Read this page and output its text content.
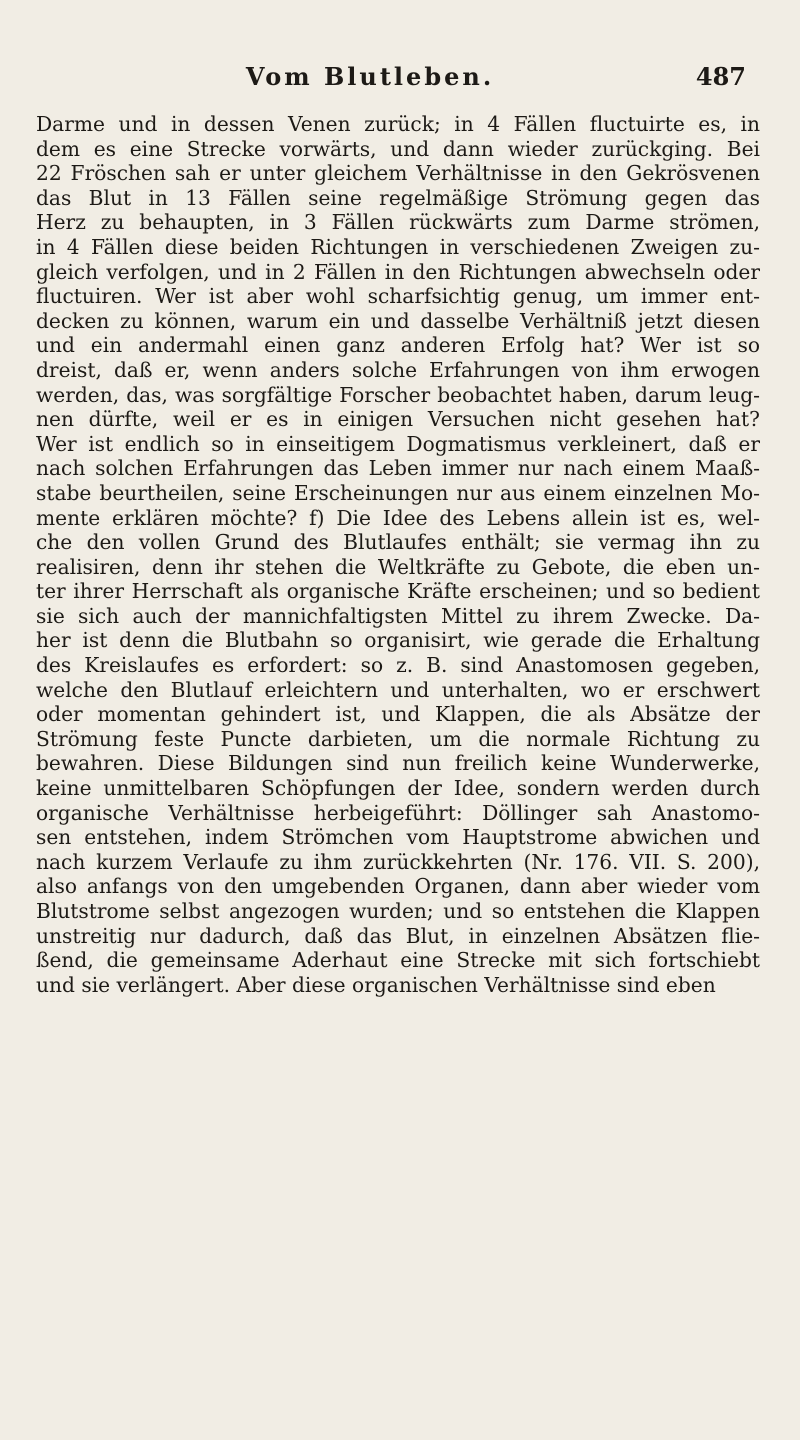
Vom Blutleben.	487
Darme und in dessen Venen zurück; in 4 Fällen fluctuirte es, in
dem es eine Strecke vorwärts, und dann wieder zurückging. Bei
22 Fröschen sah er unter gleichem Verhältnisse in den Gekrösvenen
das Blut in 13 Fällen seine regelmäßige Strömung gegen das
Herz zu behaupten, in 3 Fällen rückwärts zum Darme strömen,
in 4 Fällen diese beiden Richtungen in verschiedenen Zweigen zu-
gleich verfolgen, und in 2 Fällen in den Richtungen abwechseln oder
fluctuiren. Wer ist aber wohl scharfsichtig genug, um immer ent-
decken zu können, warum ein und dasselbe Verhältniß jetzt diesen
und ein andermahl einen ganz anderen Erfolg hat? Wer ist so
dreist, daß er, wenn anders solche Erfahrungen von ihm erwogen
werden, das, was sorgfältige Forscher beobachtet haben, darum leug-
nen dürfte, weil er es in einigen Versuchen nicht gesehen hat?
Wer ist endlich so in einseitigem Dogmatismus verkleinert, daß er
nach solchen Erfahrungen das Leben immer nur nach einem Maaß-
stabe beurtheilen, seine Erscheinungen nur aus einem einzelnen Mo-
mente erklären möchte? f) Die Idee des Lebens allein ist es, wel-
che den vollen Grund des Blutlaufes enthält; sie vermag ihn zu
realisiren, denn ihr stehen die Weltkräfte zu Gebote, die eben un-
ter ihrer Herrschaft als organische Kräfte erscheinen; und so bedient
sie sich auch der mannichfaltigsten Mittel zu ihrem Zwecke. Da-
her ist denn die Blutbahn so organisirt, wie gerade die Erhaltung
des Kreislaufes es erfordert: so z. B. sind Anastomosen gegeben,
welche den Blutlauf erleichtern und unterhalten, wo er erschwert
oder momentan gehindert ist, und Klappen, die als Absätze der
Strömung feste Puncte darbieten, um die normale Richtung zu
bewahren. Diese Bildungen sind nun freilich keine Wunderwerke,
keine unmittelbaren Schöpfungen der Idee, sondern werden durch
organische Verhältnisse herbeigeführt: Döllinger sah Anastomo-
sen entstehen, indem Strömchen vom Hauptstrome abwichen und
nach kurzem Verlaufe zu ihm zurückkehrten (Nr. 176. VII. S. 200),
also anfangs von den umgebenden Organen, dann aber wieder vom
Blutstrome selbst angezogen wurden; und so entstehen die Klappen
unstreitig nur dadurch, daß das Blut, in einzelnen Absätzen flie-
ßend, die gemeinsame Aderhaut eine Strecke mit sich fortschiebt
und sie verlängert. Aber diese organischen Verhältnisse sind eben
